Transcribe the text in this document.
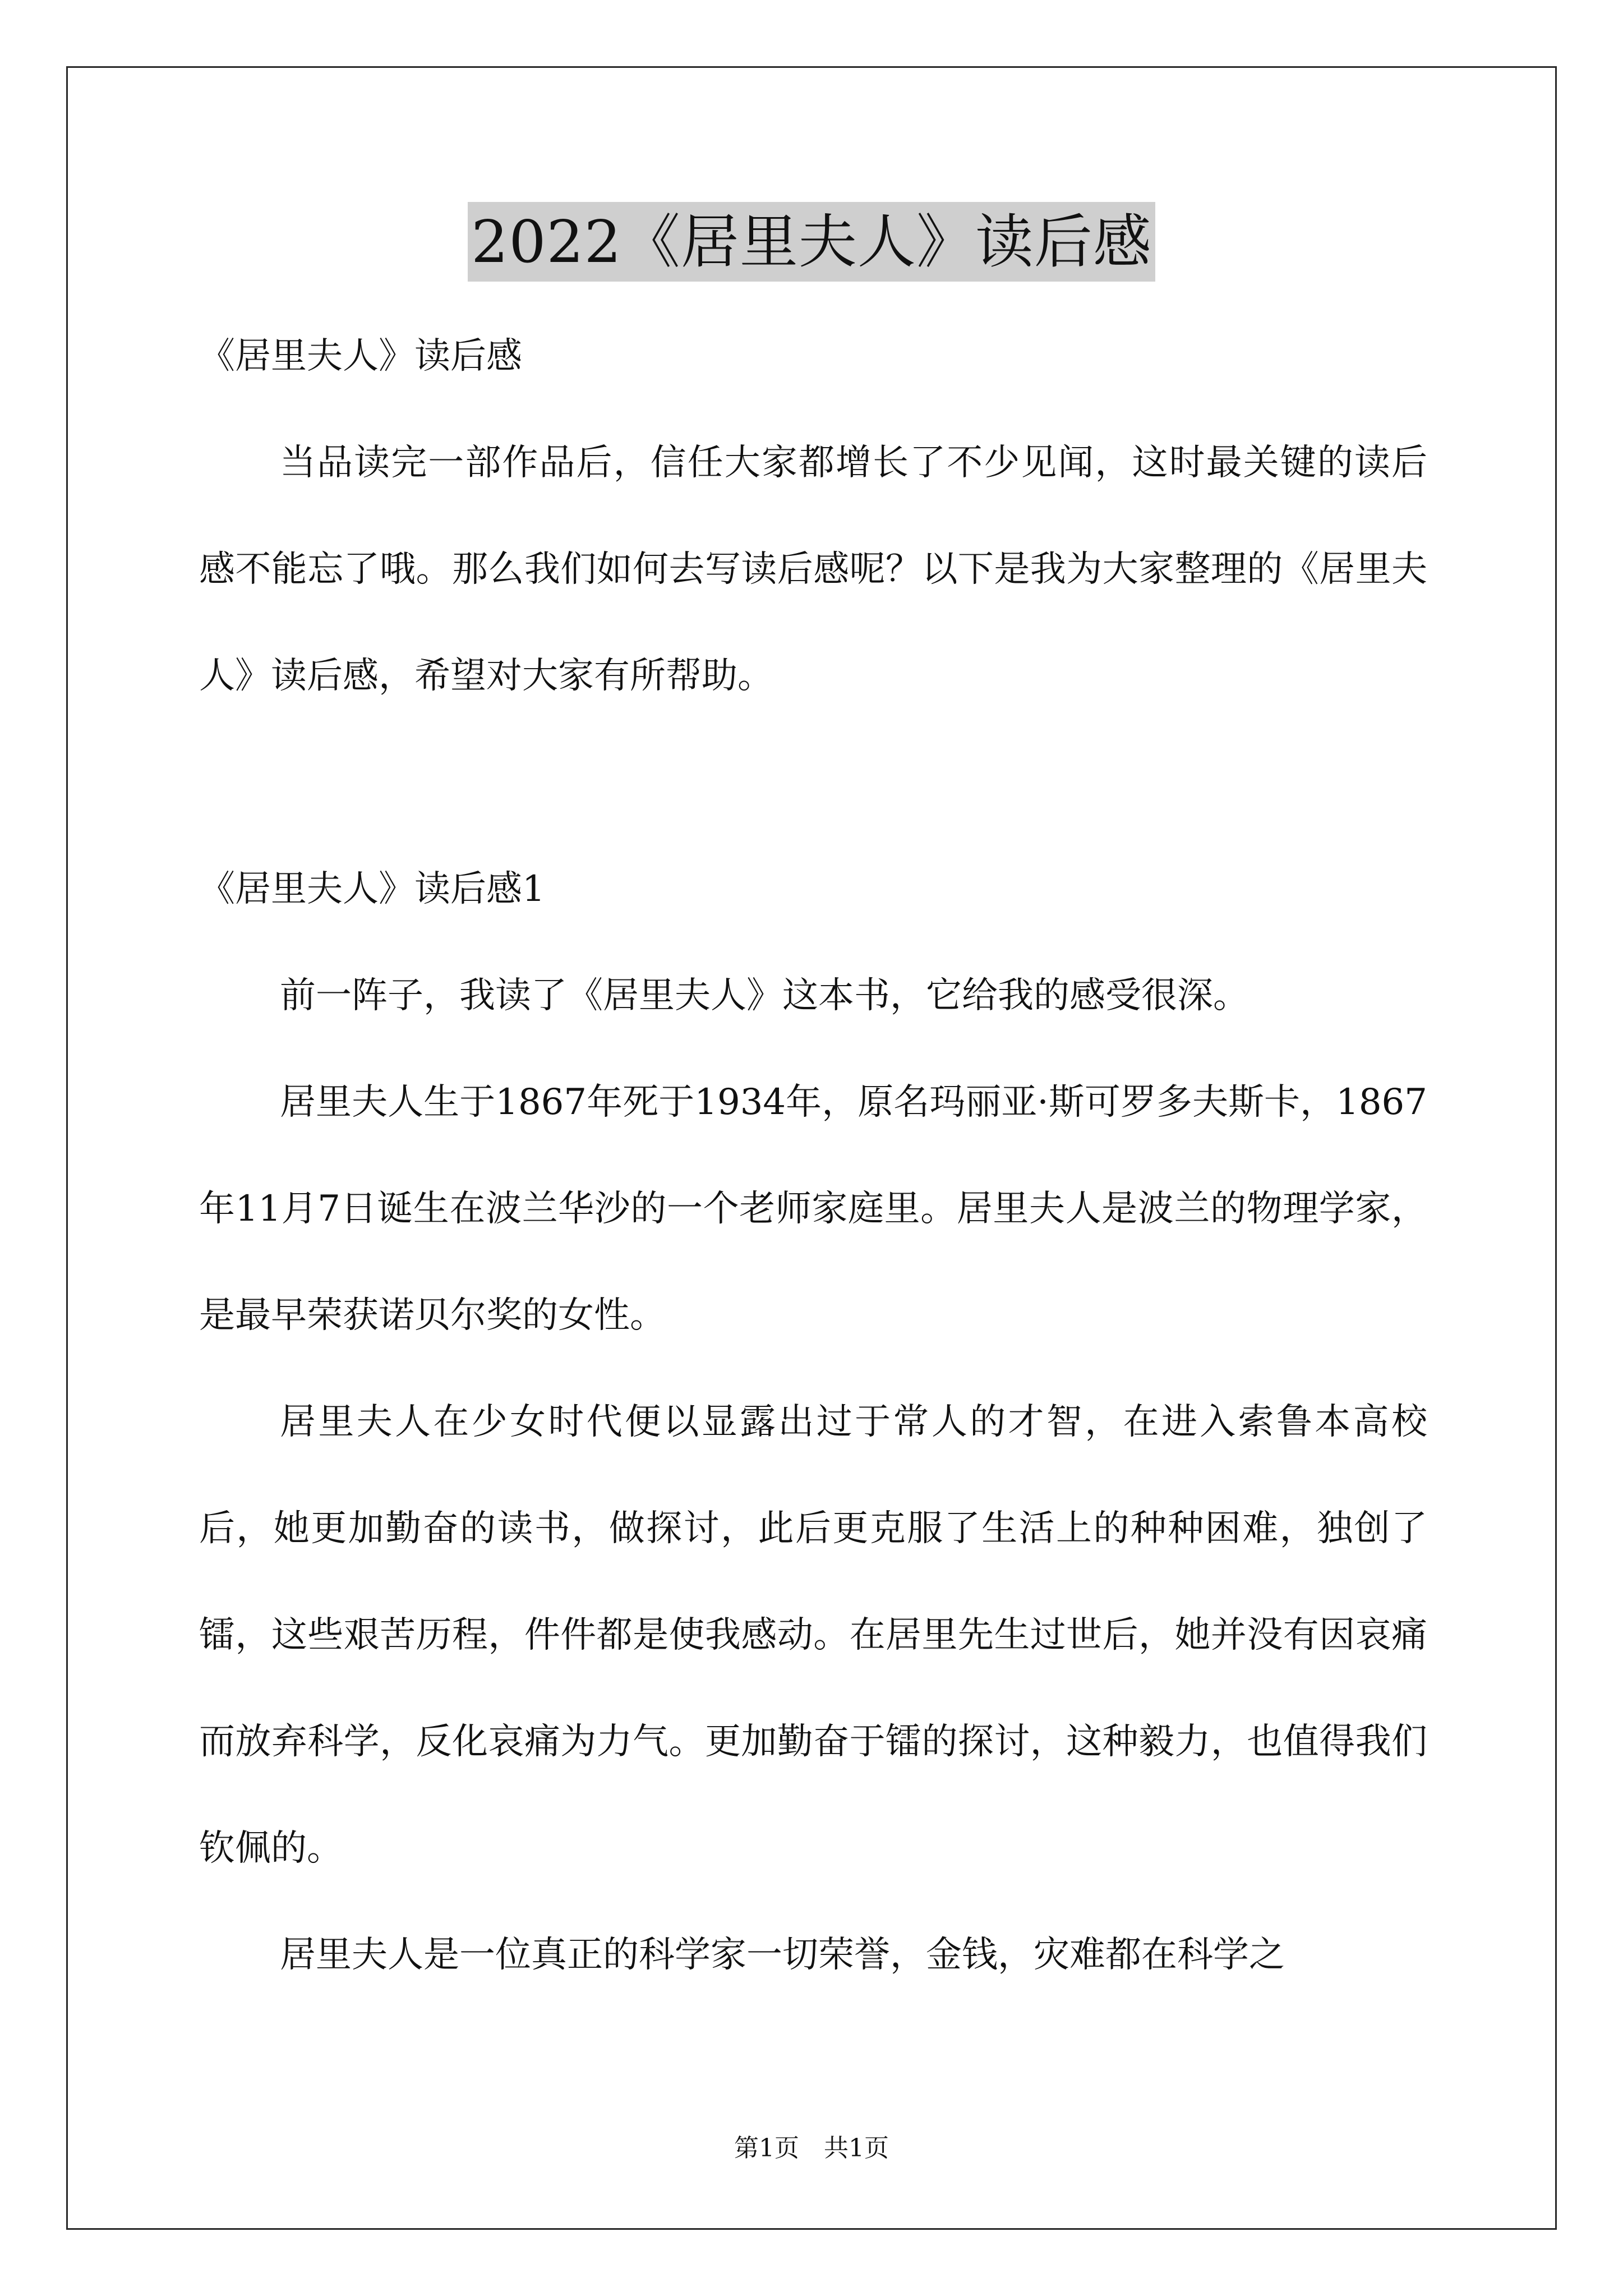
2022《居里夫人》读后感

《居里夫人》读后感

当品读完一部作品后，信任大家都增长了不少见闻，这时最关键的读后感不能忘了哦。那么我们如何去写读后感呢？以下是我为大家整理的《居里夫人》读后感，希望对大家有所帮助。

《居里夫人》读后感1

前一阵子，我读了《居里夫人》这本书，它给我的感受很深。

居里夫人生于1867年死于1934年，原名玛丽亚·斯可罗多夫斯卡，1867年11月7日诞生在波兰华沙的一个老师家庭里。居里夫人是波兰的物理学家，是最早荣获诺贝尔奖的女性。

居里夫人在少女时代便以显露出过于常人的才智，在进入索鲁本高校后，她更加勤奋的读书，做探讨，此后更克服了生活上的种种困难，独创了镭，这些艰苦历程，件件都是使我感动。在居里先生过世后，她并没有因哀痛而放弃科学，反化哀痛为力气。更加勤奋于镭的探讨，这种毅力，也值得我们钦佩的。

居里夫人是一位真正的科学家一切荣誉，金钱，灾难都在科学之

第1页　共1页
